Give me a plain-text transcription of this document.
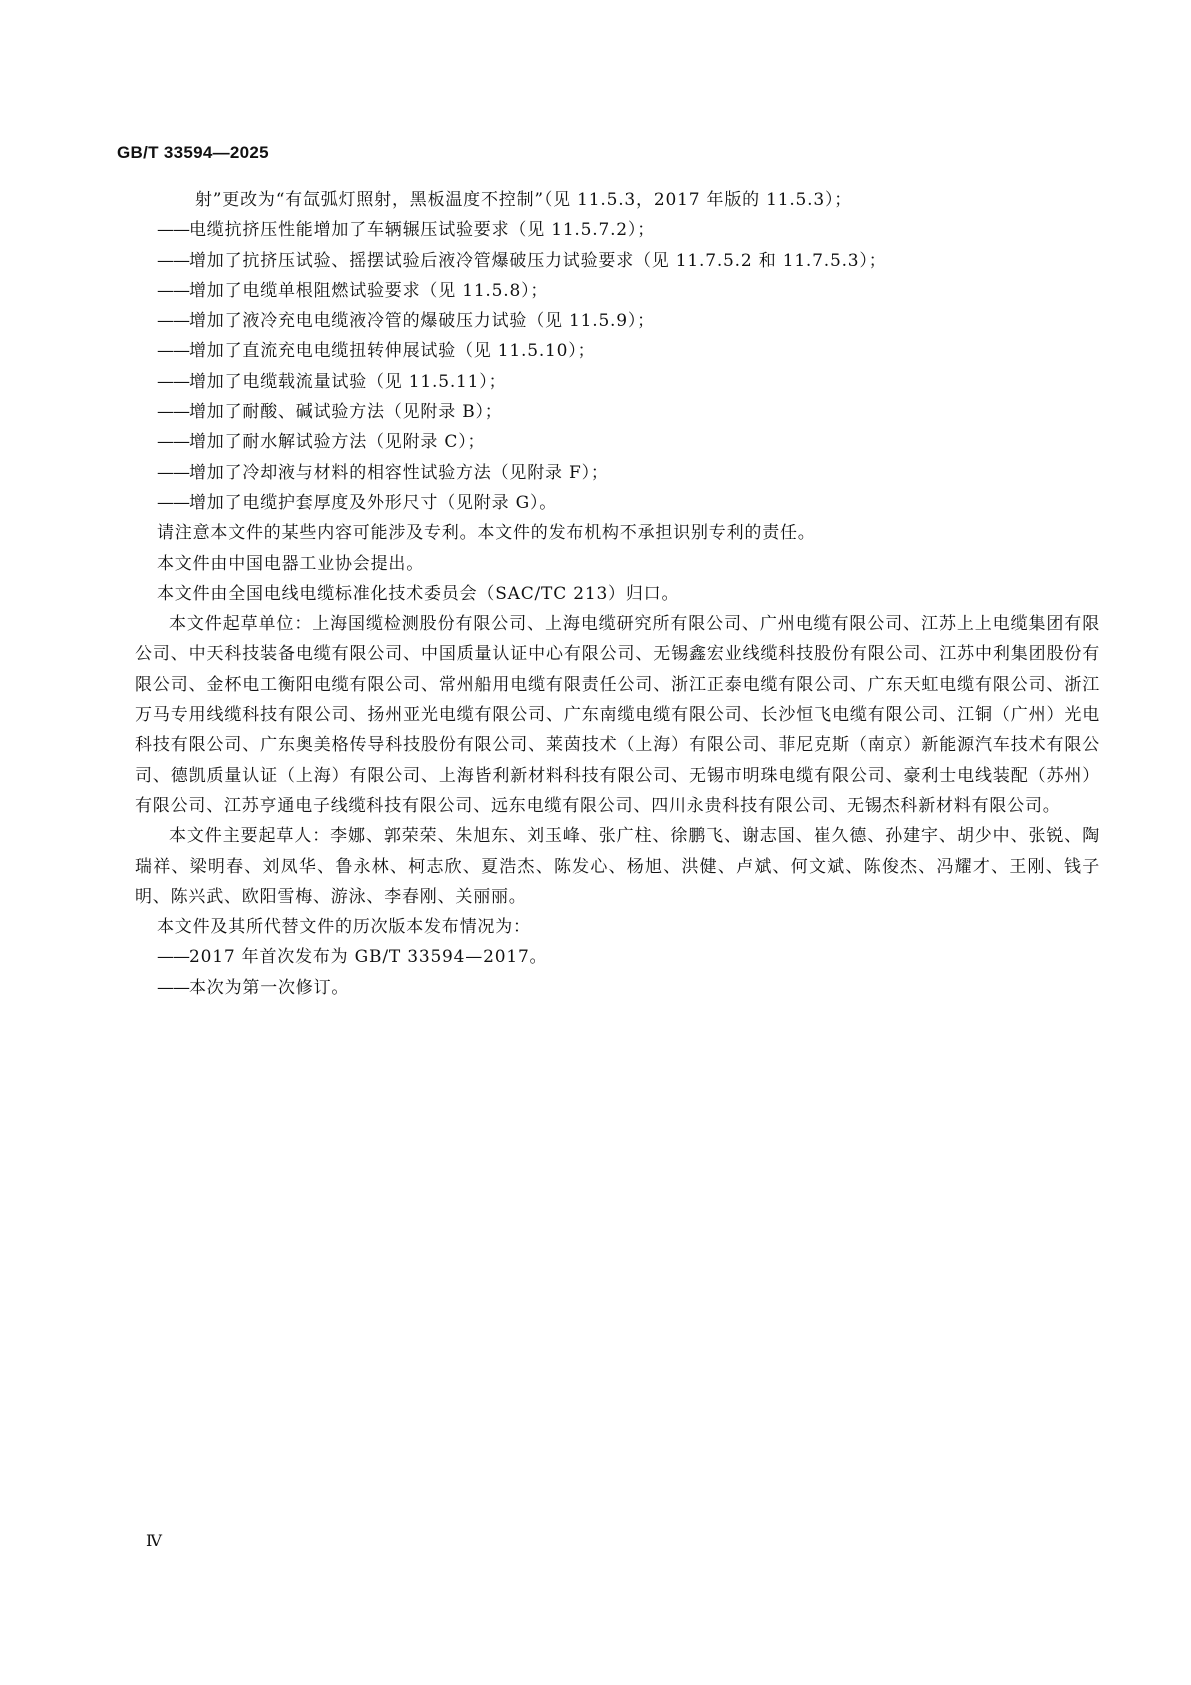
GB/T 33594—2025
射”更改为“有氙弧灯照射，黑板温度不控制”（见 11.5.3，2017 年版的 11.5.3）；
——电缆抗挤压性能增加了车辆辗压试验要求（见 11.5.7.2）；
——增加了抗挤压试验、摇摆试验后液冷管爆破压力试验要求（见 11.7.5.2 和 11.7.5.3）；
——增加了电缆单根阻燃试验要求（见 11.5.8）；
——增加了液冷充电电缆液冷管的爆破压力试验（见 11.5.9）；
——增加了直流充电电缆扭转伸展试验（见 11.5.10）；
——增加了电缆载流量试验（见 11.5.11）；
——增加了耐酸、碱试验方法（见附录 B）；
——增加了耐水解试验方法（见附录 C）；
——增加了冷却液与材料的相容性试验方法（见附录 F）；
——增加了电缆护套厚度及外形尺寸（见附录 G）。
请注意本文件的某些内容可能涉及专利。本文件的发布机构不承担识别专利的责任。
本文件由中国电器工业协会提出。
本文件由全国电线电缆标准化技术委员会（SAC/TC 213）归口。
本文件起草单位：上海国缆检测股份有限公司、上海电缆研究所有限公司、广州电缆有限公司、江苏上上电缆集团有限公司、中天科技装备电缆有限公司、中国质量认证中心有限公司、无锡鑫宏业线缆科技股份有限公司、江苏中利集团股份有限公司、金杯电工衡阳电缆有限公司、常州船用电缆有限责任公司、浙江正泰电缆有限公司、广东天虹电缆有限公司、浙江万马专用线缆科技有限公司、扬州亚光电缆有限公司、广东南缆电缆有限公司、长沙恒飞电缆有限公司、江铜（广州）光电科技有限公司、广东奥美格传导科技股份有限公司、莱茵技术（上海）有限公司、菲尼克斯（南京）新能源汽车技术有限公司、德凯质量认证（上海）有限公司、上海皆利新材料科技有限公司、无锡市明珠电缆有限公司、豪利士电线装配（苏州）有限公司、江苏亨通电子线缆科技有限公司、远东电缆有限公司、四川永贵科技有限公司、无锡杰科新材料有限公司。
本文件主要起草人：李娜、郭荣荣、朱旭东、刘玉峰、张广柱、徐鹏飞、谢志国、崔久德、孙建宇、胡少中、张锐、陶瑞祥、梁明春、刘凤华、鲁永林、柯志欣、夏浩杰、陈发心、杨旭、洪健、卢斌、何文斌、陈俊杰、冯耀才、王刚、钱子明、陈兴武、欧阳雪梅、游泳、李春刚、关丽丽。
本文件及其所代替文件的历次版本发布情况为：
——2017 年首次发布为 GB/T 33594—2017。
——本次为第一次修订。
Ⅳ
